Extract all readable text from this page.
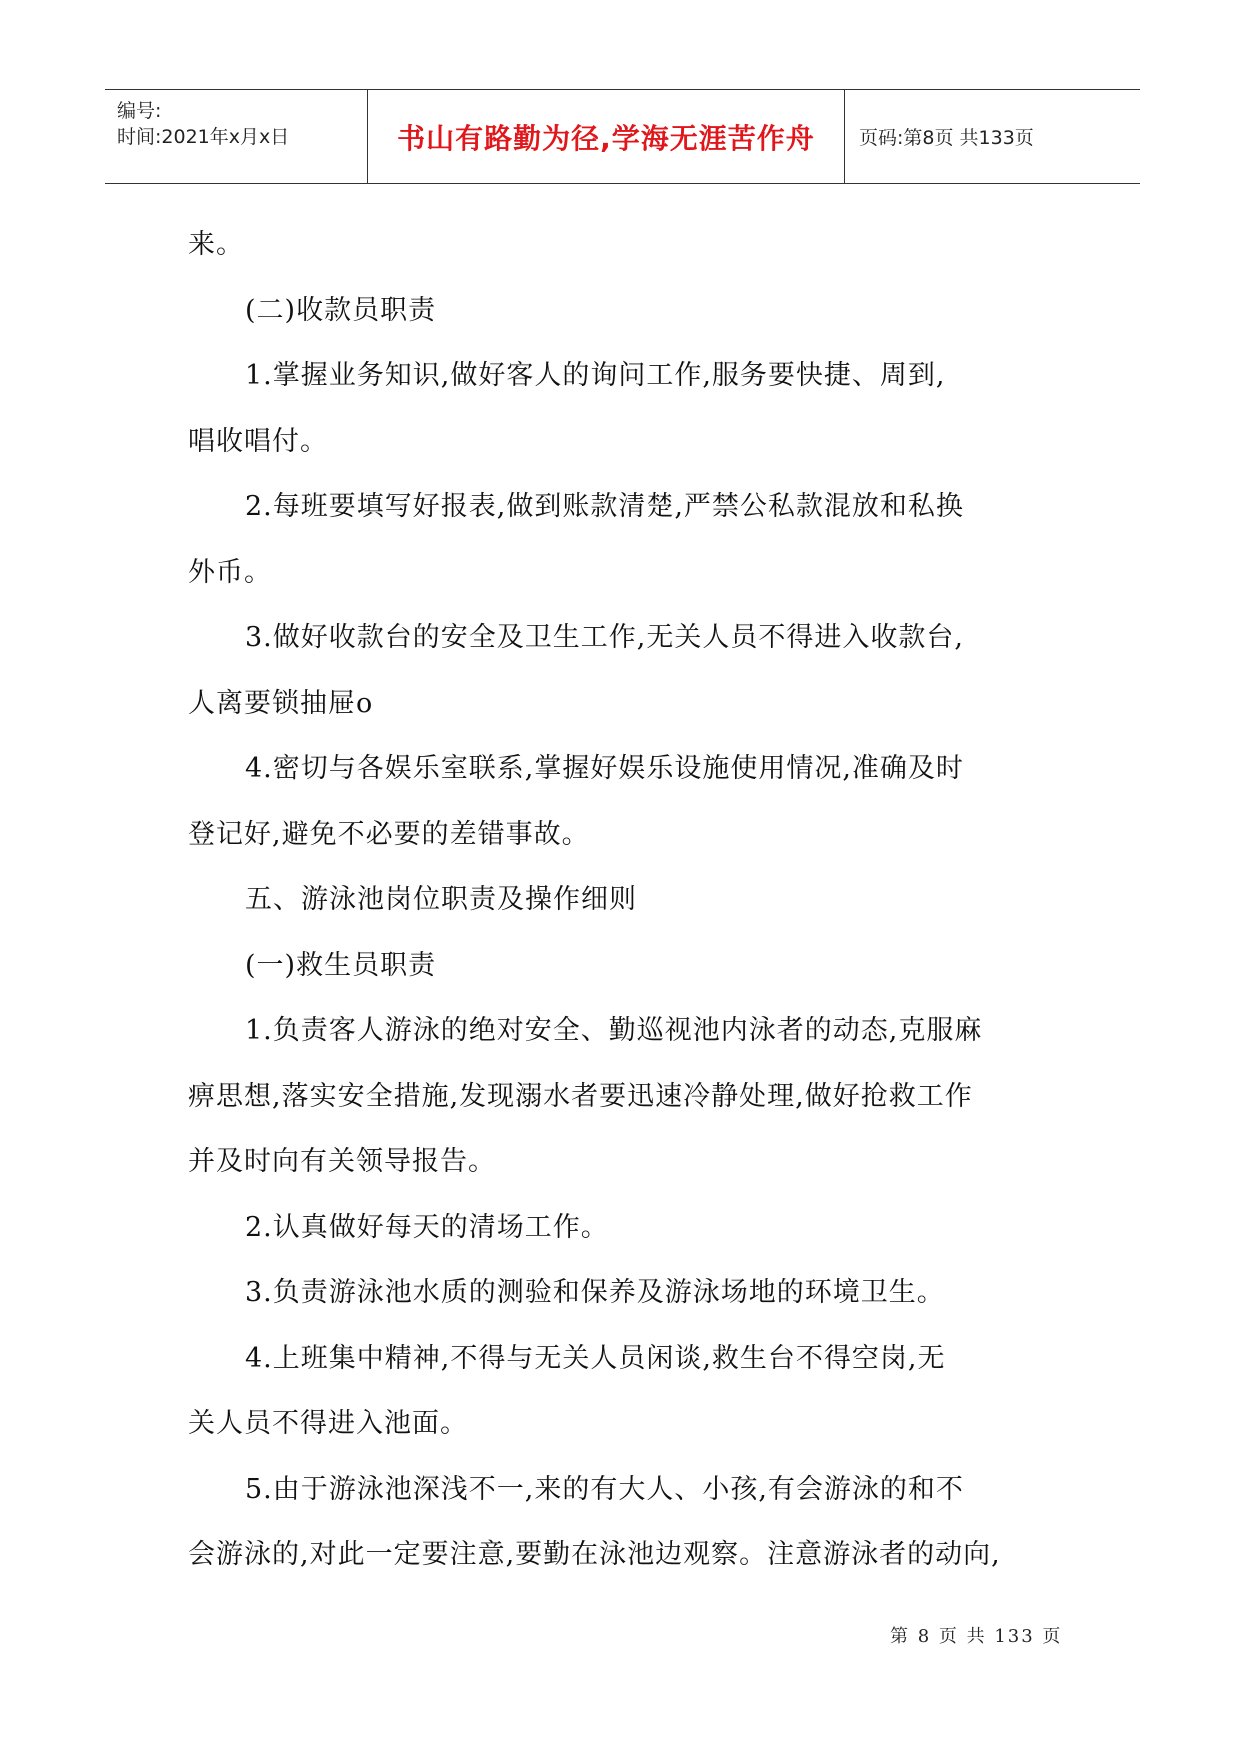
编号:
时间:2021年x月x日	书山有路勤为径,学海无涯苦作舟 页码:第8页 共133页
来。
(二)收款员职责
1.掌握业务知识,做好客人的询问工作,服务要快捷、周到,
唱收唱付。
2.每班要填写好报表,做到账款清楚,严禁公私款混放和私换
外币。
3.做好收款台的安全及卫生工作,无关人员不得进入收款台,
人离要锁抽屉o
4.密切与各娱乐室联系,掌握好娱乐设施使用情况,准确及时
登记好,避免不必要的差错事故。
五、游泳池岗位职责及操作细则
(一)救生员职责
1.负责客人游泳的绝对安全、勤巡视池内泳者的动态,克服麻
痹思想,落实安全措施,发现溺水者要迅速冷静处理,做好抢救工作
并及时向有关领导报告。
2.认真做好每天的清场工作。
3.负责游泳池水质的测验和保养及游泳场地的环境卫生。
4.上班集中精神,不得与无关人员闲谈,救生台不得空岗,无
关人员不得进入池面。
5.由于游泳池深浅不一,来的有大人、小孩,有会游泳的和不
会游泳的,对此一定要注意,要勤在泳池边观察。注意游泳者的动向,
第 8 页 共 133 页
